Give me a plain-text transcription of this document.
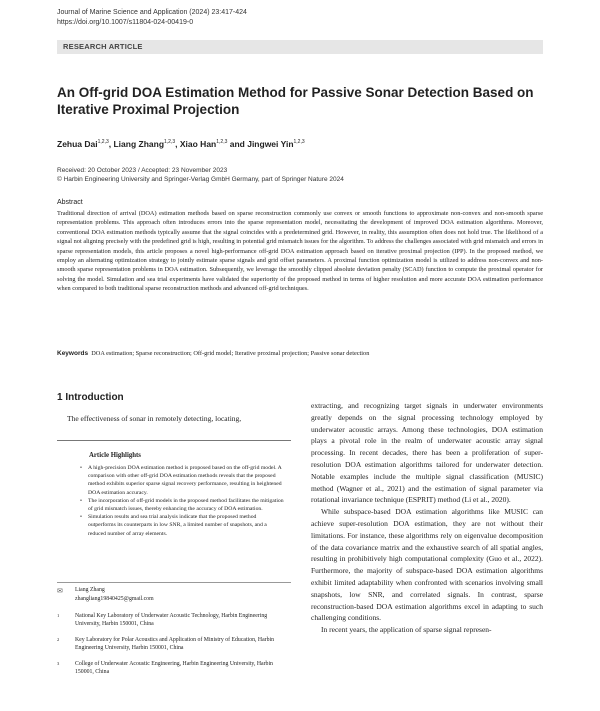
Journal of Marine Science and Application (2024) 23:417-424
https://doi.org/10.1007/s11804-024-00419-0
RESEARCH ARTICLE
An Off-grid DOA Estimation Method for Passive Sonar Detection Based on Iterative Proximal Projection
Zehua Dai$^{1,2,3}$, Liang Zhang$^{1,2,3}$, Xiao Han$^{1,2,3}$ and Jingwei Yin$^{1,2,3}$
Received: 20 October 2023 / Accepted: 23 November 2023
© Harbin Engineering University and Springer-Verlag GmbH Germany, part of Springer Nature 2024
Abstract
Traditional direction of arrival (DOA) estimation methods based on sparse reconstruction commonly use convex or smooth functions to approximate non-convex and non-smooth sparse representation problems. This approach often introduces errors into the sparse representation model, necessitating the development of improved DOA estimation algorithms. Moreover, conventional DOA estimation methods typically assume that the signal coincides with a predetermined grid. However, in reality, this assumption often does not hold true. The likelihood of a signal not aligning precisely with the predefined grid is high, resulting in potential grid mismatch issues for the algorithm. To address the challenges associated with grid mismatch and errors in sparse representation models, this article proposes a novel high-performance off-grid DOA estimation approach based on iterative proximal projection (IPP). In the proposed method, we employ an alternating optimization strategy to jointly estimate sparse signals and grid offset parameters. A proximal function optimization model is utilized to address non-convex and non-smooth sparse representation problems in DOA estimation. Subsequently, we leverage the smoothly clipped absolute deviation penalty (SCAD) function to compute the proximal operator for solving the model. Simulation and sea trial experiments have validated the superiority of the proposed method in terms of higher resolution and more accurate DOA estimation performance when compared to both traditional sparse reconstruction methods and advanced off-grid techniques.
Keywords DOA estimation; Sparse reconstruction; Off-grid model; Iterative proximal projection; Passive sonar detection
1 Introduction
The effectiveness of sonar in remotely detecting, locating,
Article Highlights
• A high-precision DOA estimation method is proposed based on the off-grid model. A comparison with other off-grid DOA estimation methods reveals that the proposed method exhibits superior sparse signal recovery performance, resulting in heightened DOA estimation accuracy.
• The incorporation of off-grid models in the proposed method facilitates the mitigation of grid mismatch issues, thereby enhancing the accuracy of DOA estimation.
• Simulation results and sea trial analysis indicate that the proposed method outperforms its counterparts in low SNR, a limited number of snapshots, and a reduced number of array elements.
✉ Liang Zhang
zhangliang19840425@gmail.com
1	National Key Laboratory of Underwater Acoustic Technology, Harbin Engineering University, Harbin 150001, China
2	Key Laboratory for Polar Acoustics and Application of Ministry of Education, Harbin Engineering University, Harbin 150001, China
3	College of Underwater Acoustic Engineering, Harbin Engineering University, Harbin 150001, China

extracting, and recognizing target signals in underwater environments greatly depends on the signal processing technology employed by underwater acoustic arrays. Among these technologies, DOA estimation plays a pivotal role in the realm of underwater acoustic array signal processing. In recent decades, there has been a proliferation of super-resolution DOA estimation algorithms tailored for underwater detection. Notable examples include the multiple signal classification (MUSIC) method (Wagner et al., 2021) and the estimation of signal parameter via rotational invariance technique (ESPRIT) method (Li et al., 2020).

While subspace-based DOA estimation algorithms like MUSIC can achieve super-resolution DOA estimation, they are not without their limitations. For instance, these algorithms rely on eigenvalue decomposition of the data covariance matrix and the exhaustive search of all spatial angles, resulting in prohibitively high computational complexity (Guo et al., 2022). Furthermore, the majority of subspace-based DOA estimation algorithms exhibit limited adaptability when confronted with scenarios involving small snapshots, low SNR, and correlated signals. In contrast, sparse reconstruction-based DOA estimation algorithms excel in adapting to such challenging conditions.

In recent years, the application of sparse signal represen-
